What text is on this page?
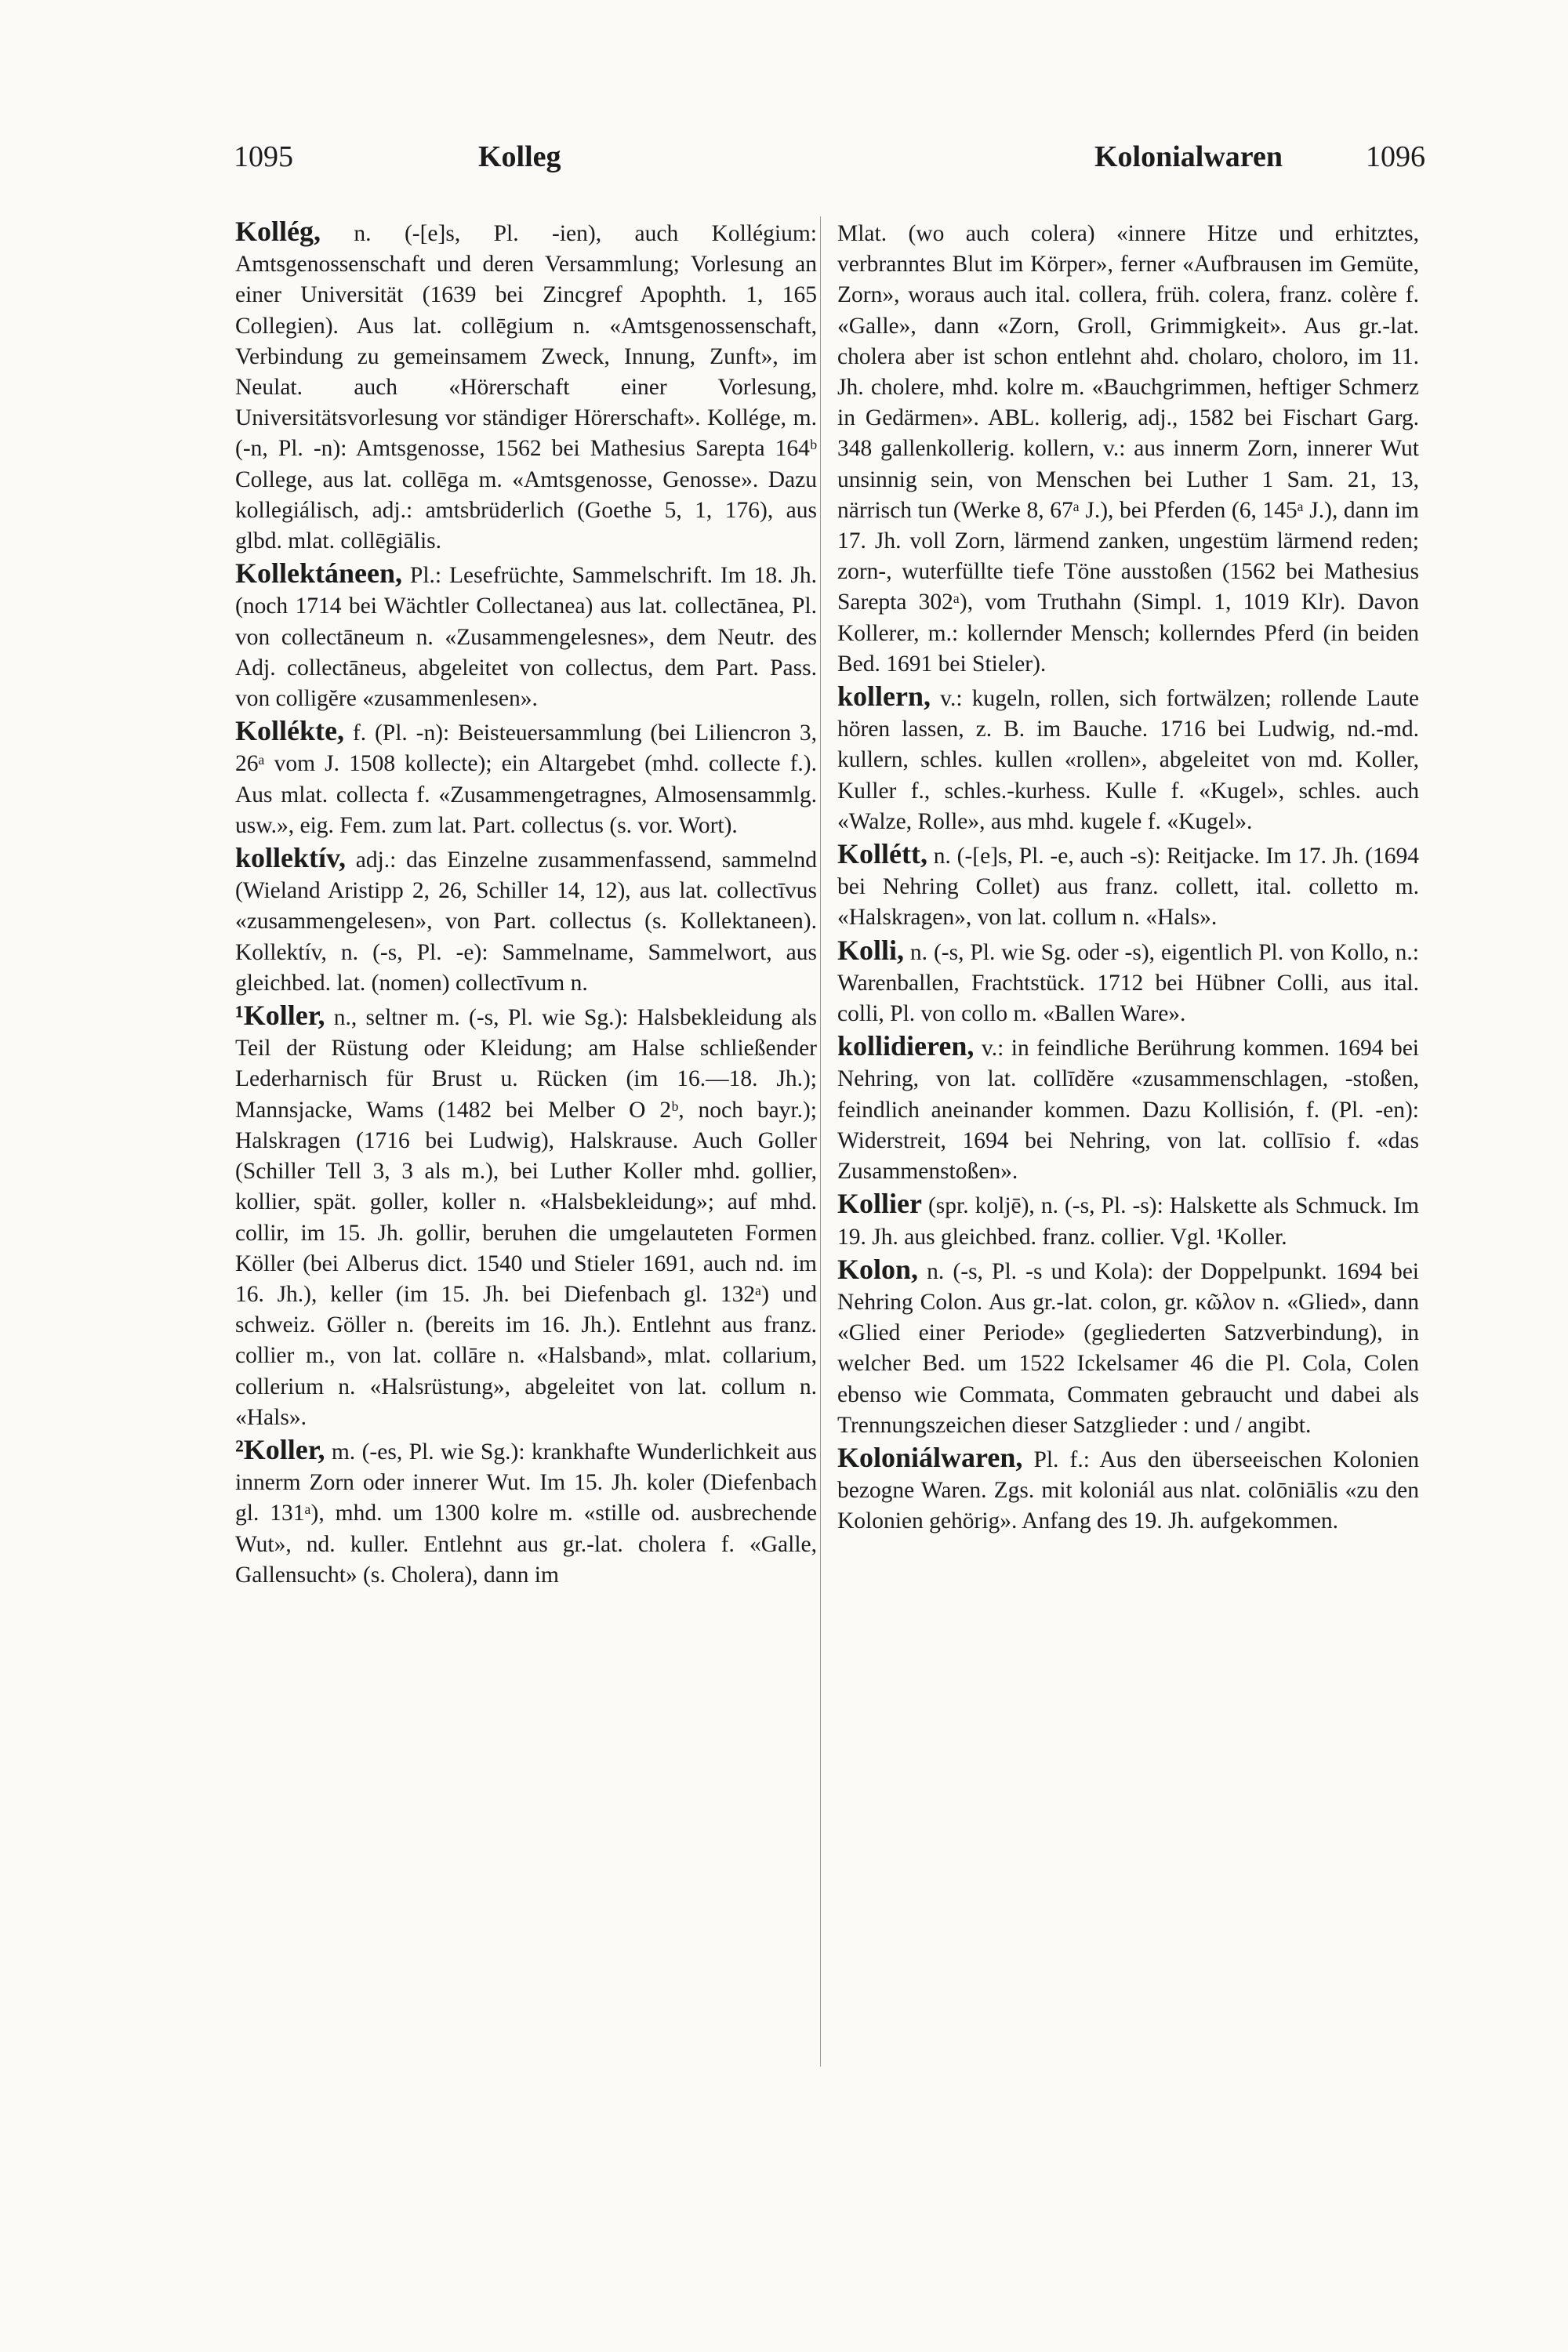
1095	Kolleg	Kolonialwaren	1096

Kollég, n. (-[e]s, Pl. -ien), auch Kollégium: Amtsgenossenschaft und deren Versammlung; Vorlesung an einer Universität (1639 bei Zincgref Apophth. 1, 165 Collegien). Aus lat. collēgium n. «Amtsgenossenschaft, Verbindung zu gemeinsamem Zweck, Innung, Zunft», im Neulat. auch «Hörerschaft einer Vorlesung, Universitätsvorlesung vor ständiger Hörerschaft». Kollége, m. (-n, Pl. -n): Amtsgenosse, 1562 bei Mathesius Sarepta 164ᵇ College, aus lat. collēga m. «Amtsgenosse, Genosse». Dazu kollegiálisch, adj.: amtsbrüderlich (Goethe 5, 1, 176), aus glbd. mlat. collēgiālis.

Kollektáneen, Pl.: Lesefrüchte, Sammelschrift. Im 18. Jh. (noch 1714 bei Wächtler Collectanea) aus lat. collectānea, Pl. von collectāneum n. «Zusammengelesnes», dem Neutr. des Adj. collectāneus, abgeleitet von collectus, dem Part. Pass. von colligĕre «zusammenlesen».

Kollékte, f. (Pl. -n): Beisteuersammlung (bei Liliencron 3, 26ᵃ vom J. 1508 kollecte); ein Altargebet (mhd. collecte f.). Aus mlat. collecta f. «Zusammengetragnes, Almosensammlg. usw.», eig. Fem. zum lat. Part. collectus (s. vor. Wort).

kollektív, adj.: das Einzelne zusammenfassend, sammelnd (Wieland Aristipp 2, 26, Schiller 14, 12), aus lat. collectīvus «zusammengelesen», von Part. collectus (s. Kollektaneen). Kollektív, n. (-s, Pl. -e): Sammelname, Sammelwort, aus gleichbed. lat. (nomen) collectīvum n.

¹Koller, n., seltner m. (-s, Pl. wie Sg.): Halsbekleidung als Teil der Rüstung oder Kleidung; am Halse schließender Lederharnisch für Brust u. Rücken (im 16.—18. Jh.); Mannsjacke, Wams (1482 bei Melber O 2ᵇ, noch bayr.); Halskragen (1716 bei Ludwig), Halskrause. Auch Goller (Schiller Tell 3, 3 als m.), bei Luther Koller mhd. gollier, kollier, spät. goller, koller n. «Halsbekleidung»; auf mhd. collir, im 15. Jh. gollir, beruhen die umgelauteten Formen Köller (bei Alberus dict. 1540 und Stieler 1691, auch nd. im 16. Jh.), keller (im 15. Jh. bei Diefenbach gl. 132ᵃ) und schweiz. Göller n. (bereits im 16. Jh.). Entlehnt aus franz. collier m., von lat. collāre n. «Halsband», mlat. collarium, collerium n. «Halsrüstung», abgeleitet von lat. collum n. «Hals».

²Koller, m. (-es, Pl. wie Sg.): krankhafte Wunderlichkeit aus innerm Zorn oder innerer Wut. Im 15. Jh. koler (Diefenbach gl. 131ᵃ), mhd. um 1300 kolre m. «stille od. ausbrechende Wut», nd. kuller. Entlehnt aus gr.-lat. cholera f. «Galle, Gallensucht» (s. Cholera), dann im

Mlat. (wo auch colera) «innere Hitze und erhitztes, verbranntes Blut im Körper», ferner «Aufbrausen im Gemüte, Zorn», woraus auch ital. collera, früh. colera, franz. colère f. «Galle», dann «Zorn, Groll, Grimmigkeit». Aus gr.-lat. cholera aber ist schon entlehnt ahd. cholaro, choloro, im 11. Jh. cholere, mhd. kolre m. «Bauchgrimmen, heftiger Schmerz in Gedärmen». ABL. kollerig, adj., 1582 bei Fischart Garg. 348 gallenkollerig. kollern, v.: aus innerm Zorn, innerer Wut unsinnig sein, von Menschen bei Luther 1 Sam. 21, 13, närrisch tun (Werke 8, 67ᵃ J.), bei Pferden (6, 145ᵃ J.), dann im 17. Jh. voll Zorn, lärmend zanken, ungestüm lärmend reden; zorn-, wuterfüllte tiefe Töne ausstoßen (1562 bei Mathesius Sarepta 302ᵃ), vom Truthahn (Simpl. 1, 1019 Klr). Davon Kollerer, m.: kollernder Mensch; kollerndes Pferd (in beiden Bed. 1691 bei Stieler).

kollern, v.: kugeln, rollen, sich fortwälzen; rollende Laute hören lassen, z. B. im Bauche. 1716 bei Ludwig, nd.-md. kullern, schles. kullen «rollen», abgeleitet von md. Koller, Kuller f., schles.-kurhess. Kulle f. «Kugel», schles. auch «Walze, Rolle», aus mhd. kugele f. «Kugel».

Kollétt, n. (-[e]s, Pl. -e, auch -s): Reitjacke. Im 17. Jh. (1694 bei Nehring Collet) aus franz. collett, ital. colletto m. «Halskragen», von lat. collum n. «Hals».

Kolli, n. (-s, Pl. wie Sg. oder -s), eigentlich Pl. von Kollo, n.: Warenballen, Frachtstück. 1712 bei Hübner Colli, aus ital. colli, Pl. von collo m. «Ballen Ware».

kollidieren, v.: in feindliche Berührung kommen. 1694 bei Nehring, von lat. collīdĕre «zusammenschlagen, -stoßen, feindlich aneinander kommen. Dazu Kollisión, f. (Pl. -en): Widerstreit, 1694 bei Nehring, von lat. collīsio f. «das Zusammenstoßen».

Kollier (spr. koljē), n. (-s, Pl. -s): Halskette als Schmuck. Im 19. Jh. aus gleichbed. franz. collier. Vgl. ¹Koller.

Kolon, n. (-s, Pl. -s und Kola): der Doppelpunkt. 1694 bei Nehring Colon. Aus gr.-lat. colon, gr. κῶλον n. «Glied», dann «Glied einer Periode» (gegliederten Satzverbindung), in welcher Bed. um 1522 Ickelsamer 46 die Pl. Cola, Colen ebenso wie Commata, Commaten gebraucht und dabei als Trennungszeichen dieser Satzglieder : und / angibt.

Koloniálwaren, Pl. f.: Aus den überseeischen Kolonien bezogne Waren. Zgs. mit koloniál aus nlat. colōniālis «zu den Kolonien gehörig». Anfang des 19. Jh. aufgekommen.
